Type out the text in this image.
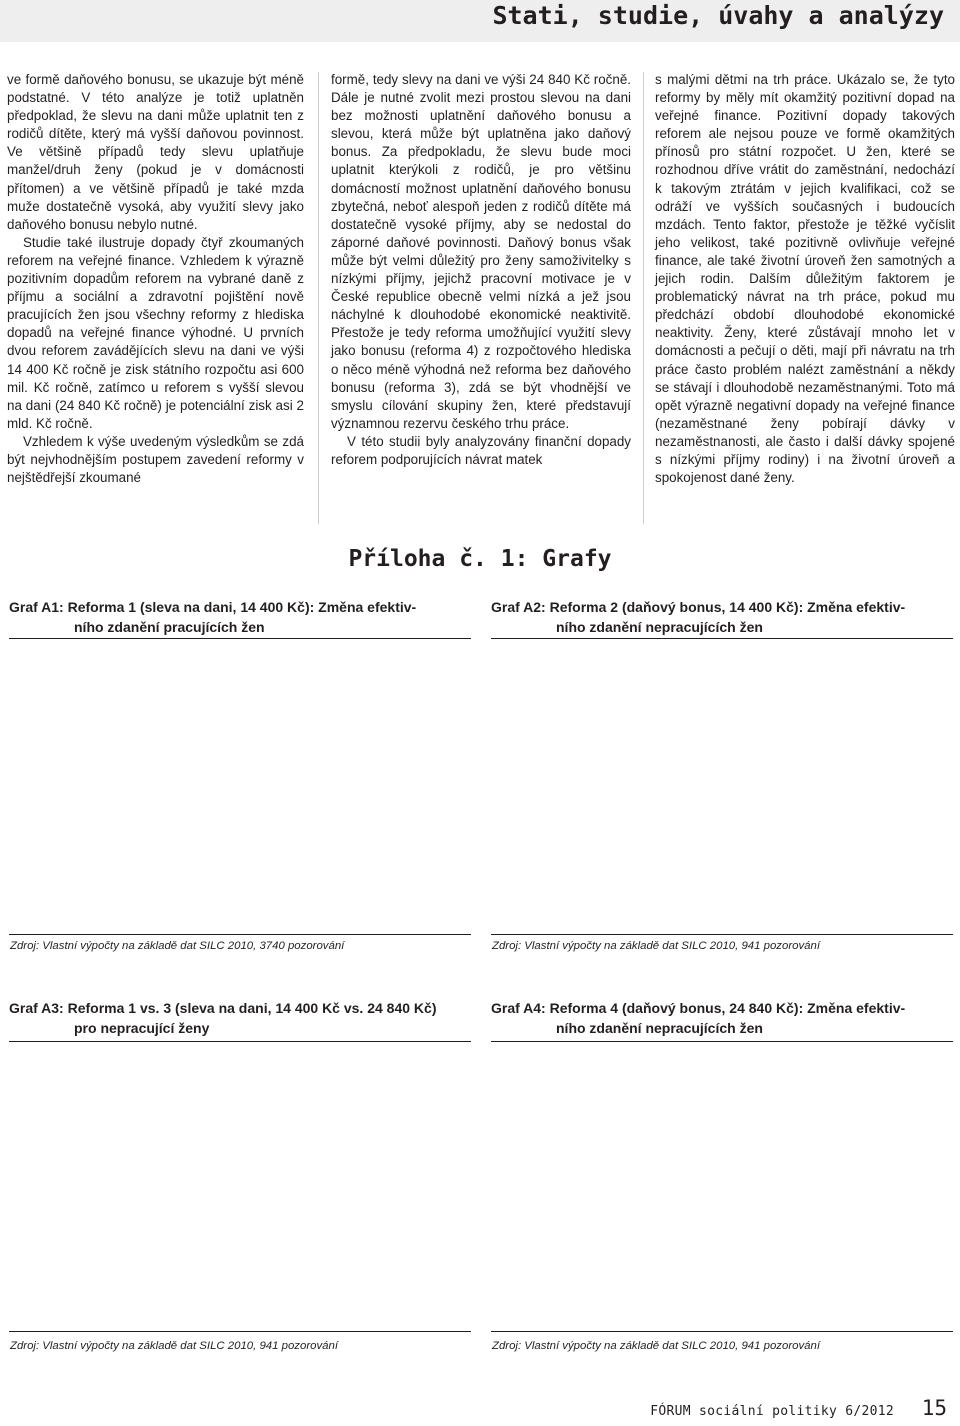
Stati, studie, úvahy a analýzy

ve formě daňového bonusu, se ukazuje být méně podstatné. V této analýze je totiž uplatněn předpoklad, že slevu na dani může uplatnit ten z rodičů dítěte, který má vyšší daňovou povinnost. Ve většině případů tedy slevu uplatňuje manžel/druh ženy (pokud je v domácnosti přítomen) a ve většině případů je také mzda muže dostatečně vysoká, aby využití slevy jako daňového bonusu nebylo nutné.

Studie také ilustruje dopady čtyř zkoumaných reforem na veřejné finance. Vzhledem k výrazně pozitivním dopadům reforem na vybrané daně z příjmu a sociální a zdravotní pojištění nově pracujících žen jsou všechny reformy z hlediska dopadů na veřejné finance výhodné. U prvních dvou reforem zavádějících slevu na dani ve výši 14 400 Kč ročně je zisk státního rozpočtu asi 600 mil. Kč ročně, zatímco u reforem s vyšší slevou na dani (24 840 Kč ročně) je potenciální zisk asi 2 mld. Kč ročně.

Vzhledem k výše uvedeným výsledkům se zdá být nejvhodnějším postupem zavedení reformy v nejštědřejší zkoumané

formě, tedy slevy na dani ve výši 24 840 Kč ročně. Dále je nutné zvolit mezi prostou slevou na dani bez možnosti uplatnění daňového bonusu a slevou, která může být uplatněna jako daňový bonus. Za předpokladu, že slevu bude moci uplatnit kterýkoli z rodičů, je pro většinu domácností možnost uplatnění daňového bonusu zbytečná, neboť alespoň jeden z rodičů dítěte má dostatečně vysoké příjmy, aby se nedostal do záporné daňové povinnosti. Daňový bonus však může být velmi důležitý pro ženy samoživitelky s nízkými příjmy, jejichž pracovní motivace je v České republice obecně velmi nízká a jež jsou náchylné k dlouhodobé ekonomické neaktivitě. Přestože je tedy reforma umožňující využití slevy jako bonusu (reforma 4) z rozpočtového hlediska o něco méně výhodná než reforma bez daňového bonusu (reforma 3), zdá se být vhodnější ve smyslu cílování skupiny žen, které představují významnou rezervu českého trhu práce.

V této studii byly analyzovány finanční dopady reforem podporujících návrat matek

s malými dětmi na trh práce. Ukázalo se, že tyto reformy by měly mít okamžitý pozitivní dopad na veřejné finance. Pozitivní dopady takových reforem ale nejsou pouze ve formě okamžitých přínosů pro státní rozpočet. U žen, které se rozhodnou dříve vrátit do zaměstnání, nedochází k takovým ztrátám v jejich kvalifikaci, což se odráží ve vyšších současných i budoucích mzdách. Tento faktor, přestože je těžké vyčíslit jeho velikost, také pozitivně ovlivňuje veřejné finance, ale také životní úroveň žen samotných a jejich rodin. Dalším důležitým faktorem je problematický návrat na trh práce, pokud mu předchází období dlouhodobé ekonomické neaktivity. Ženy, které zůstávají mnoho let v domácnosti a pečují o děti, mají při návratu na trh práce často problém nalézt zaměstnání a někdy se stávají i dlouhodobě nezaměstnanými. Toto má opět výrazně negativní dopady na veřejné finance (nezaměstnané ženy pobírají dávky v nezaměstnanosti, ale často i další dávky spojené s nízkými příjmy rodiny) i na životní úroveň a spokojenost dané ženy.

Příloha č. 1: Grafy
Graf A1: Reforma 1 (sleva na dani, 14 400 Kč): Změna efektiv-
ního zdanění pracujících žen
Zdroj: Vlastní výpočty na základě dat SILC 2010, 3740 pozorování
Graf A2: Reforma 2 (daňový bonus, 14 400 Kč): Změna efektiv-
ního zdanění nepracujících žen
Zdroj: Vlastní výpočty na základě dat SILC 2010, 941 pozorování
Graf A3: Reforma 1 vs. 3 (sleva na dani, 14 400 Kč vs. 24 840 Kč)
pro nepracující ženy
Zdroj: Vlastní výpočty na základě dat SILC 2010, 941 pozorování
Graf A4: Reforma 4 (daňový bonus, 24 840 Kč): Změna efektiv-
ního zdanění nepracujících žen
Zdroj: Vlastní výpočty na základě dat SILC 2010, 941 pozorování
FÓRUM sociální politiky 6/2012 15
